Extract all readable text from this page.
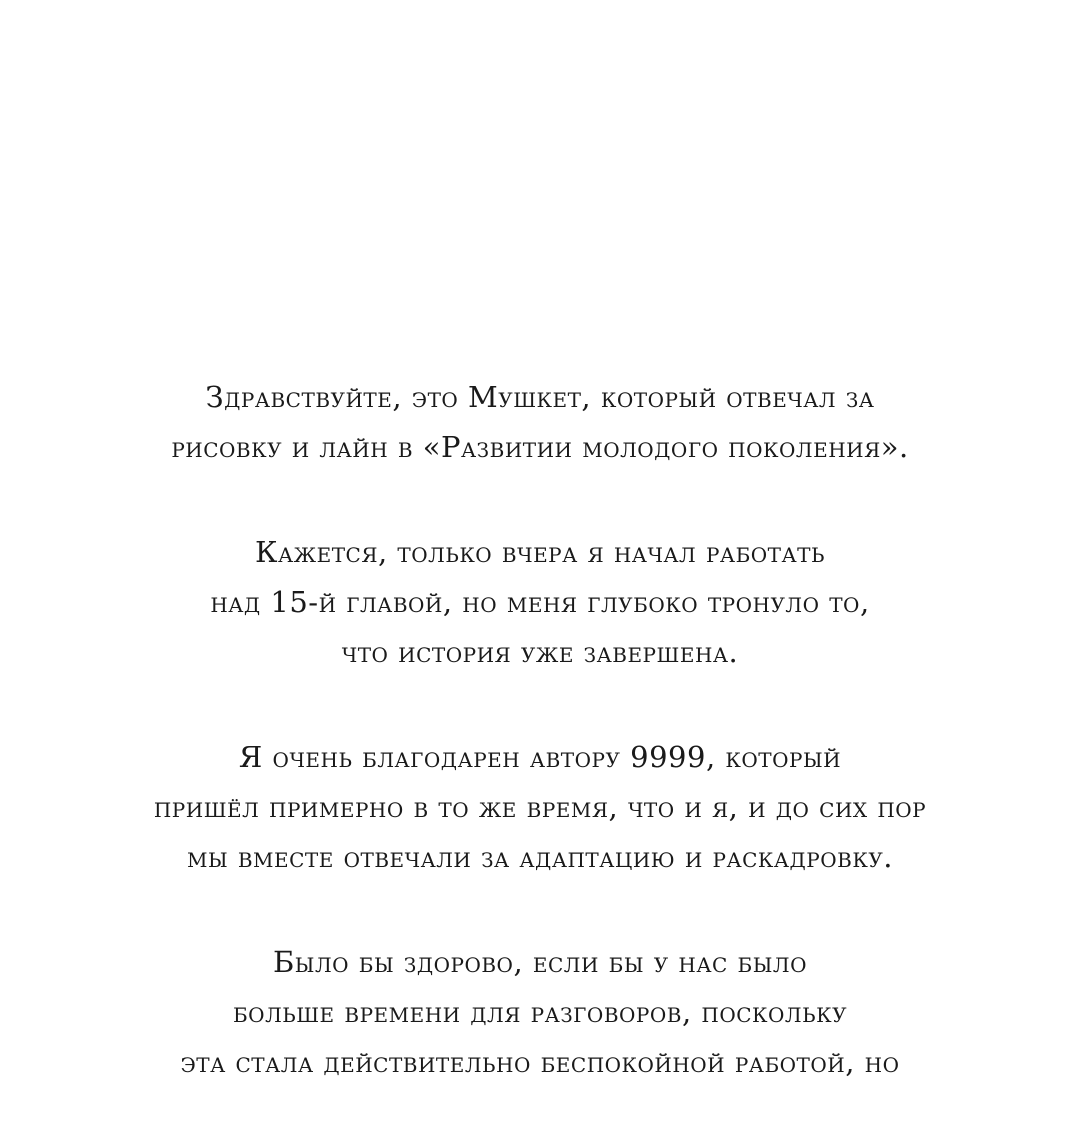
Здравствуйте, это Мушкет, который отвечал за
рисовку и лайн в «Развитии молодого поколения».
Кажется, только вчера я начал работать
над 15-й главой, но меня глубоко тронуло то,
что история уже завершена.
Я очень благодарен автору 9999, который
пришёл примерно в то же время, что и я, и до сих пор
мы вместе отвечали за адаптацию и раскадровку.
Было бы здорово, если бы у нас было
больше времени для разговоров, поскольку
эта стала действительно беспокойной работой, но
